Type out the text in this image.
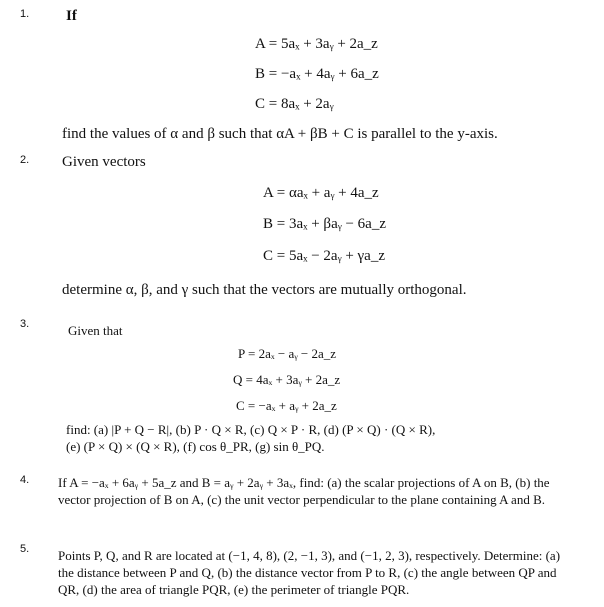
1. If
A = 5aₓ + 3aᵧ + 2a_z
B = −aₓ + 4aᵧ + 6a_z
C = 8aₓ + 2aᵧ
find the values of α and β such that αA + βB + C is parallel to the y-axis.
2. Given vectors
A = αaₓ + aᵧ + 4a_z
B = 3aₓ + βaᵧ − 6a_z
C = 5aₓ − 2aᵧ + γa_z
determine α, β, and γ such that the vectors are mutually orthogonal.
3.	Given that
P = 2aₓ − aᵧ − 2a_z
Q = 4aₓ + 3aᵧ + 2a_z
C = −aₓ + aᵧ + 2a_z
find: (a) |P + Q − R|, (b) P · Q × R, (c) Q × P · R, (d) (P × Q) · (Q × R),
(e) (P × Q) × (Q × R), (f) cos θ_PR, (g) sin θ_PQ.
4. If A = −aₓ + 6aᵧ + 5a_z and B = aᵧ + 2aᵧ + 3aₓ, find: (a) the scalar projections of A on B, (b) the vector projection of B on A, (c) the unit vector perpendicular to the plane containing A and B.
5. Points P, Q, and R are located at (−1, 4, 8), (2, −1, 3), and (−1, 2, 3), respectively. Determine: (a) the distance between P and Q, (b) the distance vector from P to R, (c) the angle between QP and QR, (d) the area of triangle PQR, (e) the perimeter of triangle PQR.
